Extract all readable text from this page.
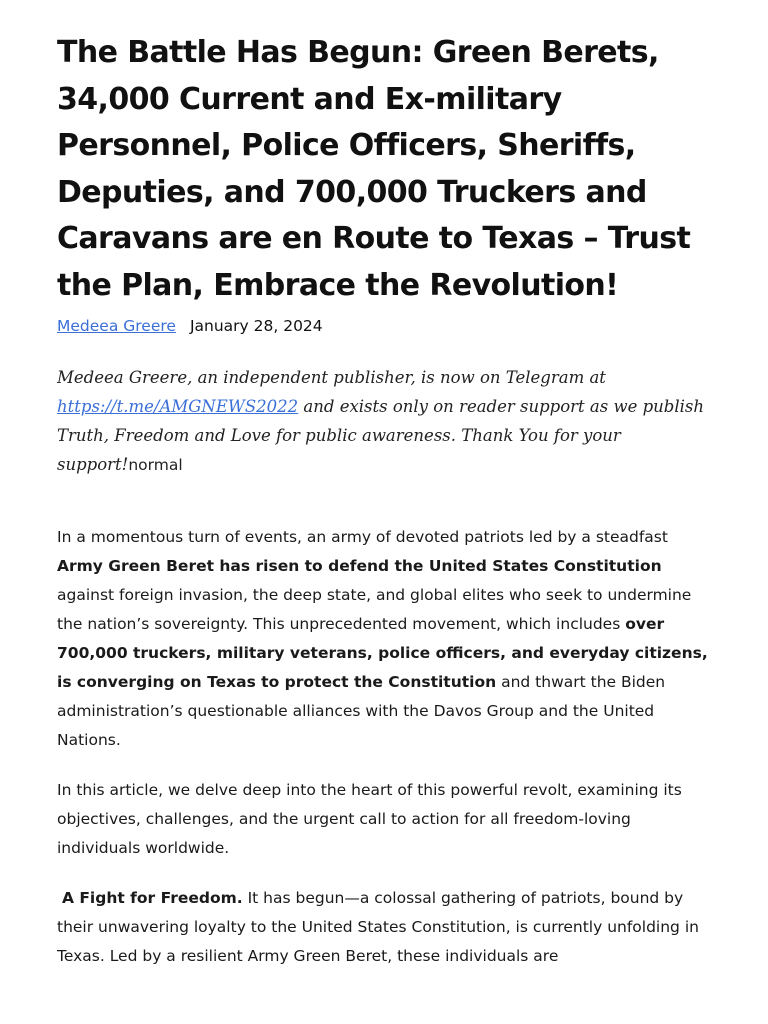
The Battle Has Begun: Green Berets, 34,000 Current and Ex-military Personnel, Police Officers, Sheriffs, Deputies, and 700,000 Truckers and Caravans are en Route to Texas – Trust the Plan, Embrace the Revolution!
Medeea Greere January 28, 2024

Medeea Greere, an independent publisher, is now on Telegram at https://t.me/AMGNEWS2022 and exists only on reader support as we publish Truth, Freedom and Love for public awareness. Thank You for your support!normal

In a momentous turn of events, an army of devoted patriots led by a steadfast Army Green Beret has risen to defend the United States Constitution against foreign invasion, the deep state, and global elites who seek to undermine the nation’s sovereignty. This unprecedented movement, which includes over 700,000 truckers, military veterans, police officers, and everyday citizens, is converging on Texas to protect the Constitution and thwart the Biden administration’s questionable alliances with the Davos Group and the United Nations.

In this article, we delve deep into the heart of this powerful revolt, examining its objectives, challenges, and the urgent call to action for all freedom-loving individuals worldwide.

A Fight for Freedom. It has begun—a colossal gathering of patriots, bound by their unwavering loyalty to the United States Constitution, is currently unfolding in Texas. Led by a resilient Army Green Beret, these individuals are
